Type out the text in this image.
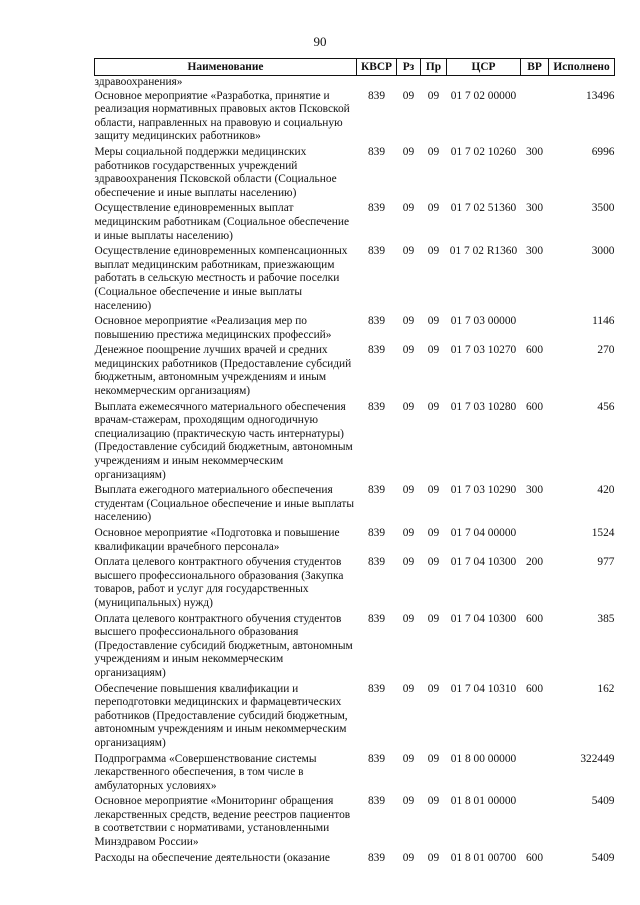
90
Наименование	КВСР	Рз	Пр	ЦСР	ВР	Исполнено
здравоохранения»						
Основное мероприятие «Разработка, принятие и реализация нормативных правовых актов Псковской области, направленных на правовую и социальную защиту медицинских работников»	839	09	09	01 7 02 00000		13496
Меры социальной поддержки медицинских работников государственных учреждений здравоохранения Псковской области (Социальное обеспечение и иные выплаты населению)	839	09	09	01 7 02 10260	300	6996
Осуществление единовременных выплат медицинским работникам (Социальное обеспечение и иные выплаты населению)	839	09	09	01 7 02 51360	300	3500
Осуществление единовременных компенсационных выплат медицинским работникам, приезжающим работать в сельскую местность и рабочие поселки (Социальное обеспечение и иные выплаты населению)	839	09	09	01 7 02 R1360	300	3000
Основное мероприятие «Реализация мер по повышению престижа медицинских профессий»	839	09	09	01 7 03 00000		1146
Денежное поощрение лучших врачей и средних медицинских работников (Предоставление субсидий бюджетным, автономным учреждениям и иным некоммерческим организациям)	839	09	09	01 7 03 10270	600	270
Выплата ежемесячного материального обеспечения врачам-стажерам, проходящим одногодичную специализацию (практическую часть интернатуры) (Предоставление субсидий бюджетным, автономным учреждениям и иным некоммерческим организациям)	839	09	09	01 7 03 10280	600	456
Выплата ежегодного материального обеспечения студентам (Социальное обеспечение и иные выплаты населению)	839	09	09	01 7 03 10290	300	420
Основное мероприятие «Подготовка и повышение квалификации врачебного персонала»	839	09	09	01 7 04 00000		1524
Оплата целевого контрактного обучения студентов высшего профессионального образования (Закупка товаров, работ и услуг для государственных (муниципальных) нужд)	839	09	09	01 7 04 10300	200	977
Оплата целевого контрактного обучения студентов высшего профессионального образования (Предоставление субсидий бюджетным, автономным учреждениям и иным некоммерческим организациям)	839	09	09	01 7 04 10300	600	385
Обеспечение повышения квалификации и переподготовки медицинских и фармацевтических работников (Предоставление субсидий бюджетным, автономным учреждениям и иным некоммерческим организациям)	839	09	09	01 7 04 10310	600	162
Подпрограмма «Совершенствование системы лекарственного обеспечения, в том числе в амбулаторных условиях»	839	09	09	01 8 00 00000		322449
Основное мероприятие «Мониторинг обращения лекарственных средств, ведение реестров пациентов в соответствии с нормативами, установленными Минздравом России»	839	09	09	01 8 01 00000		5409
Расходы на обеспечение деятельности (оказание	839	09	09	01 8 01 00700	600	5409
